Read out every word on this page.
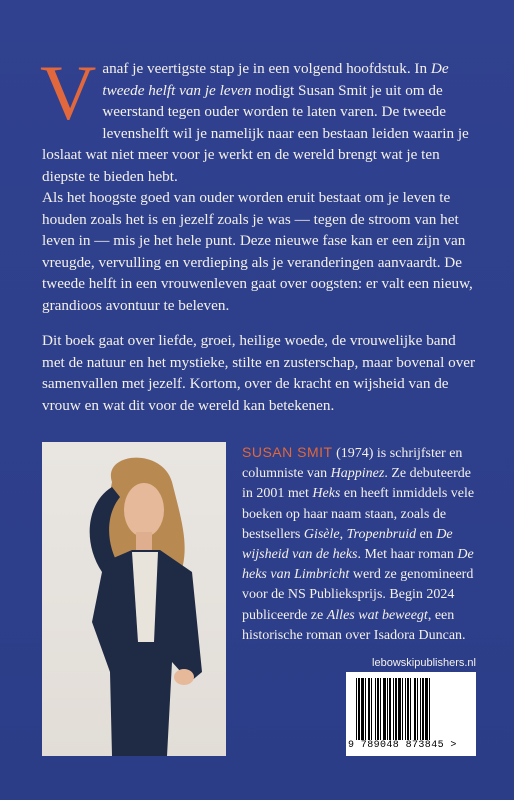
Vanaf je veertigste stap je in een volgend hoofdstuk. In De tweede helft van je leven nodigt Susan Smit je uit om de weerstand tegen ouder worden te laten varen. De tweede levenshelft wil je namelijk naar een bestaan leiden waarin je loslaat wat niet meer voor je werkt en de wereld brengt wat je ten diepste te bieden hebt.

Als het hoogste goed van ouder worden eruit bestaat om je leven te houden zoals het is en jezelf zoals je was — tegen de stroom van het leven in — mis je het hele punt. Deze nieuwe fase kan er een zijn van vreugde, vervulling en verdieping als je veranderingen aanvaardt. De tweede helft in een vrouwenleven gaat over oogsten: er valt een nieuw, grandioos avontuur te beleven.

Dit boek gaat over liefde, groei, heilige woede, de vrouwelijke band met de natuur en het mystieke, stilte en zusterschap, maar bovenal over samenvallen met jezelf. Kortom, over de kracht en wijsheid van de vrouw en wat dit voor de wereld kan betekenen.

SUSAN SMIT (1974) is schrijfster en columniste van Happinez. Ze debuteerde in 2001 met Heks en heeft inmiddels vele boeken op haar naam staan, zoals de bestsellers Gisèle, Tropenbruid en De wijsheid van de heks. Met haar roman De heks van Limbricht werd ze genomineerd voor de NS Publieksprijs. Begin 2024 publiceerde ze Alles wat beweegt, een historische roman over Isadora Duncan.

lebowskipublishers.nl
9 789048 873845 >
